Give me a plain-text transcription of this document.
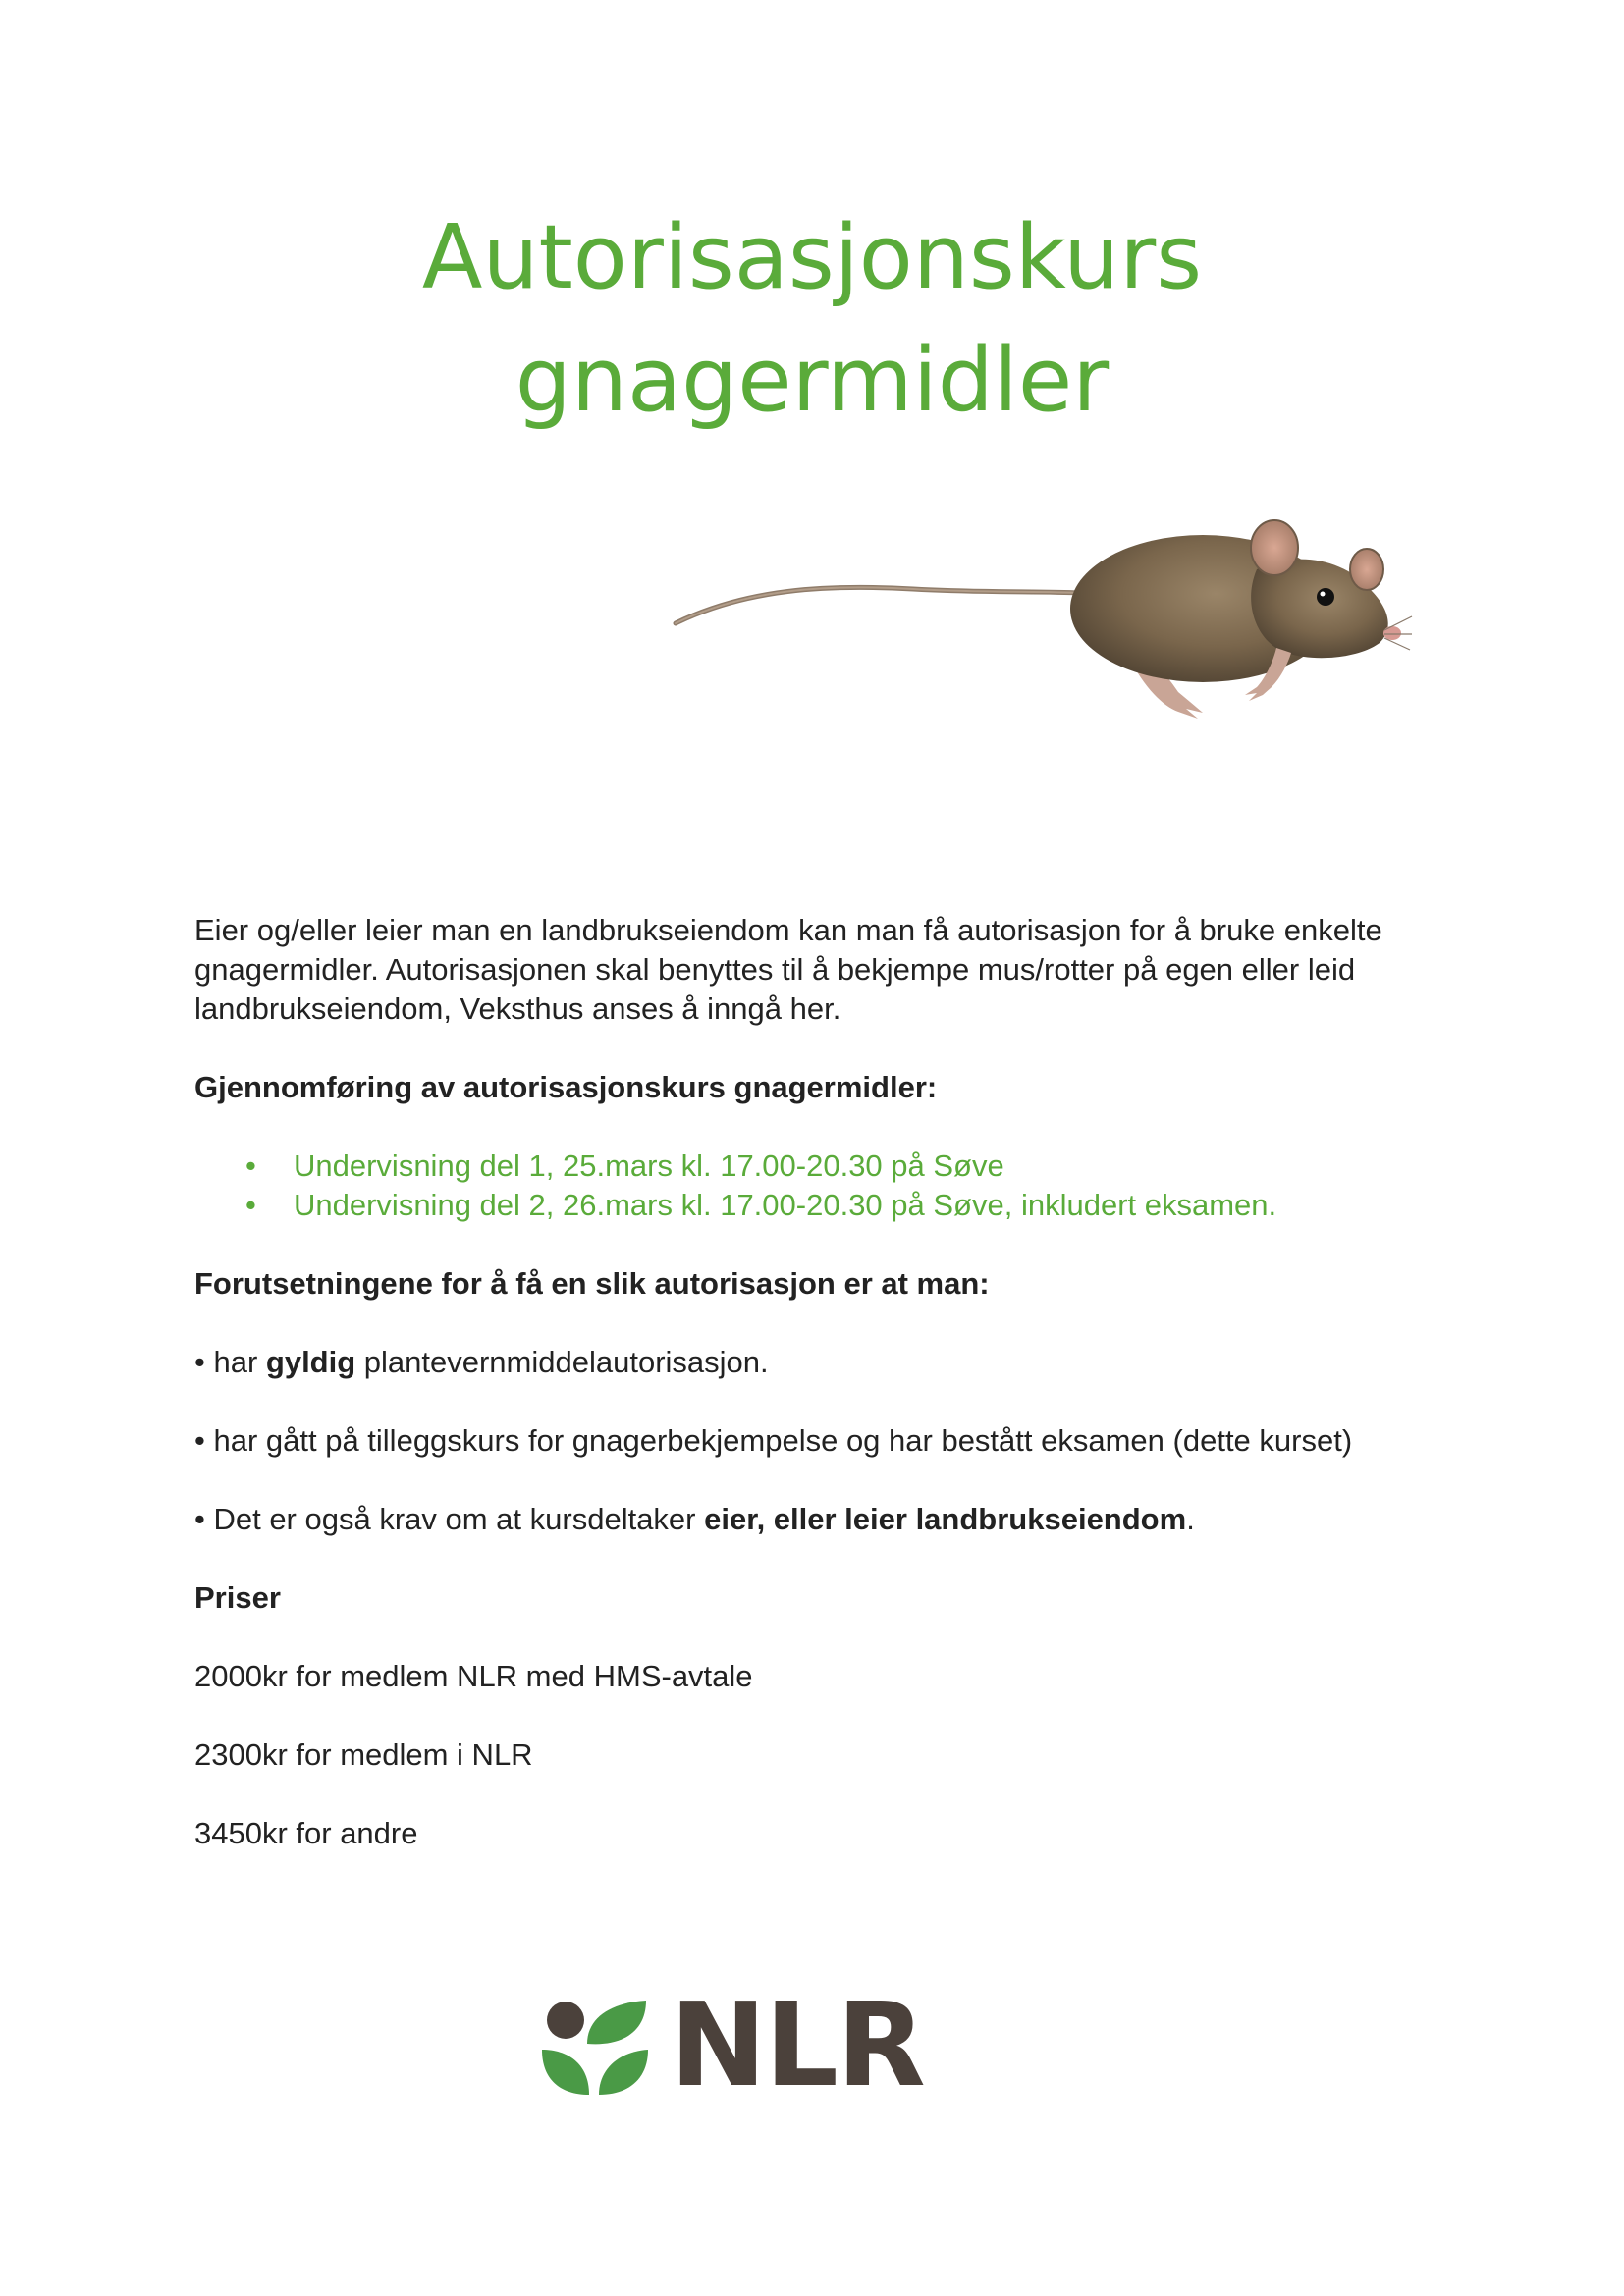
Autorisasjonskurs
gnagermidler

Eier og/eller leier man en landbrukseiendom kan man få autorisasjon for å bruke enkelte gnagermidler. Autorisasjonen skal benyttes til å bekjempe mus/rotter på egen eller leid landbrukseiendom, Veksthus anses å inngå her.

Gjennomføring av autorisasjonskurs gnagermidler:

• Undervisning del 1, 25.mars kl. 17.00-20.30 på Søve
• Undervisning del 2, 26.mars kl. 17.00-20.30 på Søve, inkludert eksamen.

Forutsetningene for å få en slik autorisasjon er at man:

• har gyldig plantevernmiddelautorisasjon.

• har gått på tilleggskurs for gnagerbekjempelse og har bestått eksamen (dette kurset)

• Det er også krav om at kursdeltaker eier, eller leier landbrukseiendom.

Priser

2000kr for medlem NLR med HMS-avtale

2300kr for medlem i NLR

3450kr for andre

NLR
